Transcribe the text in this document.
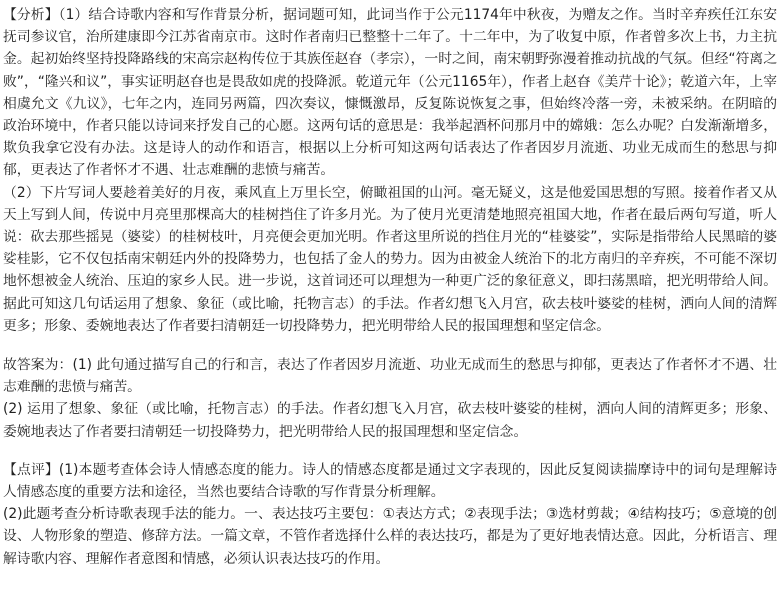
【分析】（1）结合诗歌内容和写作背景分析，据词题可知，此词当作于公元1174年中秋夜，为赠友之作。当时辛弃疾任江东安抚司参议官，治所建康即今江苏省南京市。这时作者南归已整整十二年了。十二年中，为了收复中原，作者曾多次上书，力主抗金。起初始终坚持投降路线的宋高宗赵构传位于其族侄赵昚（孝宗），一时之间，南宋朝野弥漫着推动抗战的气氛。但经“符离之败”，“隆兴和议”，事实证明赵昚也是畏敌如虎的投降派。乾道元年（公元1165年），作者上赵昚《美芹十论》；乾道六年，上宰相虞允文《九议》，七年之内，连同另两篇，四次奏议，慷慨激昂，反复陈说恢复之事，但始终冷落一旁，未被采纳。在阴暗的政治环境中，作者只能以诗词来抒发自己的心愿。这两句话的意思是：我举起酒杯问那月中的嫦娥：怎么办呢？白发渐渐增多，欺负我拿它没有办法。这是诗人的动作和语言，根据以上分析可知这两句话表达了作者因岁月流逝、功业无成而生的愁思与抑郁，更表达了作者怀才不遇、壮志难酬的悲愤与痛苦。

（2）下片写词人要趁着美好的月夜，乘风直上万里长空，俯瞰祖国的山河。毫无疑义，这是他爱国思想的写照。接着作者又从天上写到人间，传说中月亮里那棵高大的桂树挡住了许多月光。为了使月光更清楚地照亮祖国大地，作者在最后两句写道，听人说：砍去那些摇晃（婆娑）的桂树枝叶，月亮便会更加光明。作者这里所说的挡住月光的“桂婆娑”，实际是指带给人民黑暗的婆娑桂影，它不仅包括南宋朝廷内外的投降势力，也包括了金人的势力。因为由被金人统治下的北方南归的辛弃疾，不可能不深切地怀想被金人统治、压迫的家乡人民。进一步说，这首词还可以理想为一种更广泛的象征意义，即扫荡黑暗，把光明带给人间。据此可知这几句话运用了想象、象征（或比喻，托物言志）的手法。作者幻想飞入月宫，砍去枝叶婆娑的桂树，洒向人间的清辉更多；形象、委婉地表达了作者要扫清朝廷一切投降势力，把光明带给人民的报国理想和坚定信念。

故答案为：(1) 此句通过描写自己的行和言，表达了作者因岁月流逝、功业无成而生的愁思与抑郁，更表达了作者怀才不遇、壮志难酬的悲愤与痛苦。

(2) 运用了想象、象征（或比喻，托物言志）的手法。作者幻想飞入月宫，砍去枝叶婆娑的桂树，洒向人间的清辉更多；形象、委婉地表达了作者要扫清朝廷一切投降势力，把光明带给人民的报国理想和坚定信念。

【点评】(1)本题考查体会诗人情感态度的能力。诗人的情感态度都是通过文字表现的，因此反复阅读揣摩诗中的词句是理解诗人情感态度的重要方法和途径，当然也要结合诗歌的写作背景分析理解。

(2)此题考查分析诗歌表现手法的能力。一、表达技巧主要包：①表达方式；②表现手法；③选材剪裁；④结构技巧；⑤意境的创设、人物形象的塑造、修辞方法。一篇文章，不管作者选择什么样的表达技巧，都是为了更好地表情达意。因此，分析语言、理解诗歌内容、理解作者意图和情感，必须认识表达技巧的作用。
